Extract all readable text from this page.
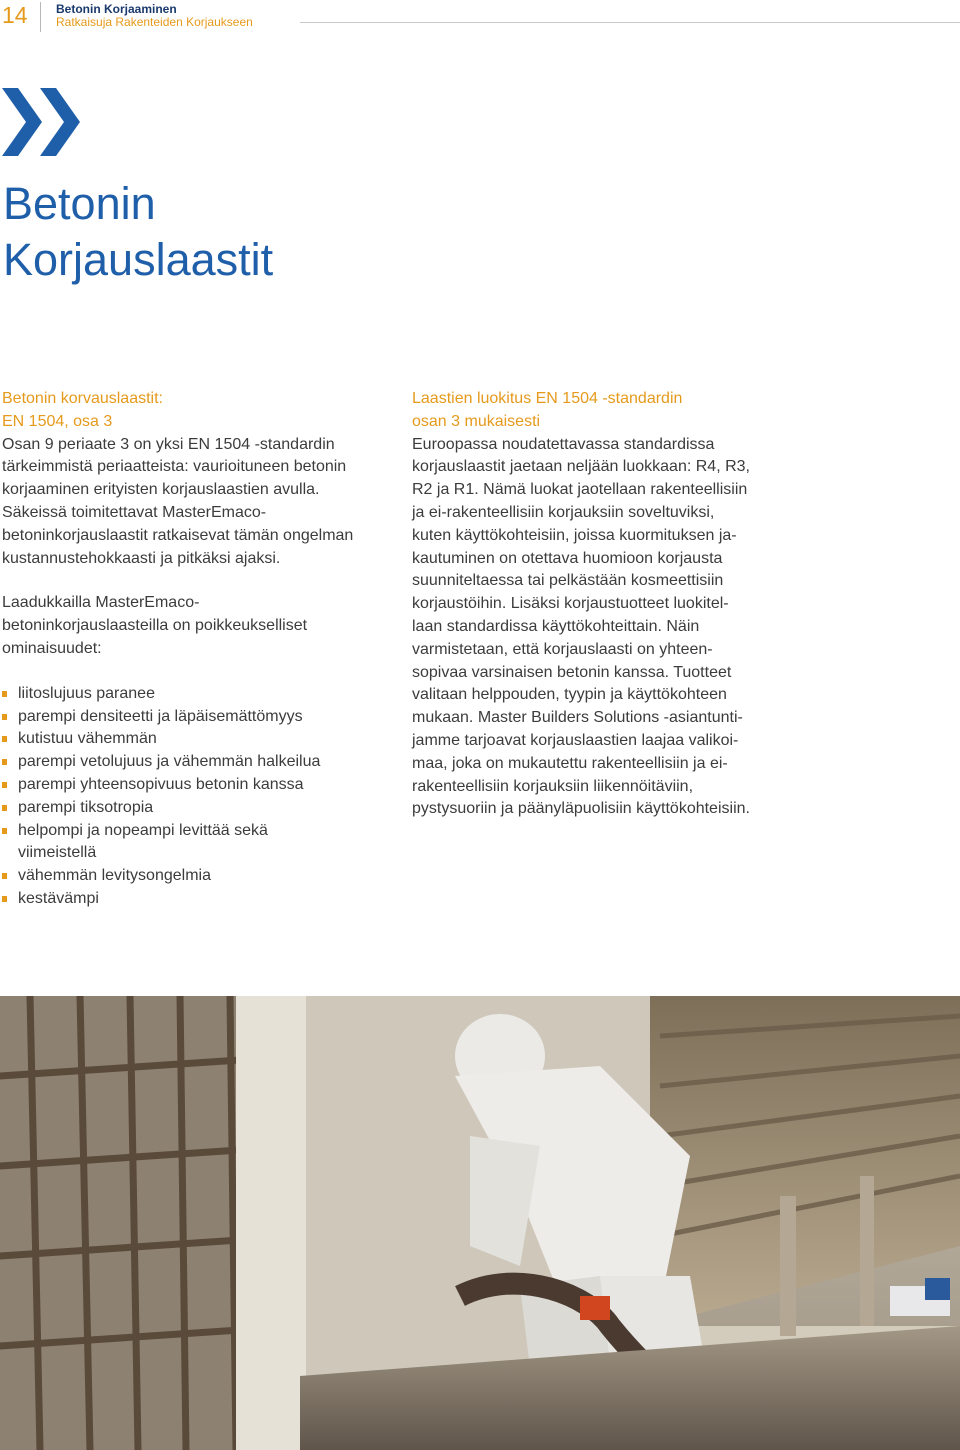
14 Betonin Korjaaminen
Ratkaisuja Rakenteiden Korjaukseen
Betonin
Korjauslaastit

Betonin korvauslaastit:

EN 1504, osa 3

Osan 9 periaate 3 on yksi EN 1504 -standardin

tärkeimmistä periaatteista: vaurioituneen betonin

korjaaminen erityisten korjauslaastien avulla.

Säkeissä toimitettavat MasterEmaco-

betoninkorjauslaastit ratkaisevat tämän ongelman

kustannustehokkaasti ja pitkäksi ajaksi.

Laadukkailla MasterEmaco-

betoninkorjauslaasteilla on poikkeukselliset

ominaisuudet:

liitoslujuus paranee
parempi densiteetti ja läpäisemättömyys
kutistuu vähemmän
parempi vetolujuus ja vähemmän halkeilua
parempi yhteensopivuus betonin kanssa
parempi tiksotropia
helpompi ja nopeampi levittää sekä
viimeistellä
vähemmän levitysongelmia
kestävämpi

Laastien luokitus EN 1504 -standardin

osan 3 mukaisesti

Euroopassa noudatettavassa standardissa

korjauslaastit jaetaan neljään luokkaan: R4, R3,

R2 ja R1. Nämä luokat jaotellaan rakenteellisiin

ja ei-rakenteellisiin korjauksiin soveltuviksi,

kuten käyttökohteisiin, joissa kuormituksen ja-

kautuminen on otettava huomioon korjausta

suunniteltaessa tai pelkästään kosmeettisiin

korjaustöihin. Lisäksi korjaustuotteet luokitel-

laan standardissa käyttökohteittain. Näin

varmistetaan, että korjauslaasti on yhteen-

sopivaa varsinaisen betonin kanssa. Tuotteet

valitaan helppouden, tyypin ja käyttökohteen

mukaan. Master Builders Solutions -asiantunti-

jamme tarjoavat korjauslaastien laajaa valikoi-

maa, joka on mukautettu rakenteellisiin ja ei-

rakenteellisiin korjauksiin liikennöitäviin,

pystysuoriin ja päänyläpuolisiin käyttökohteisiin.
